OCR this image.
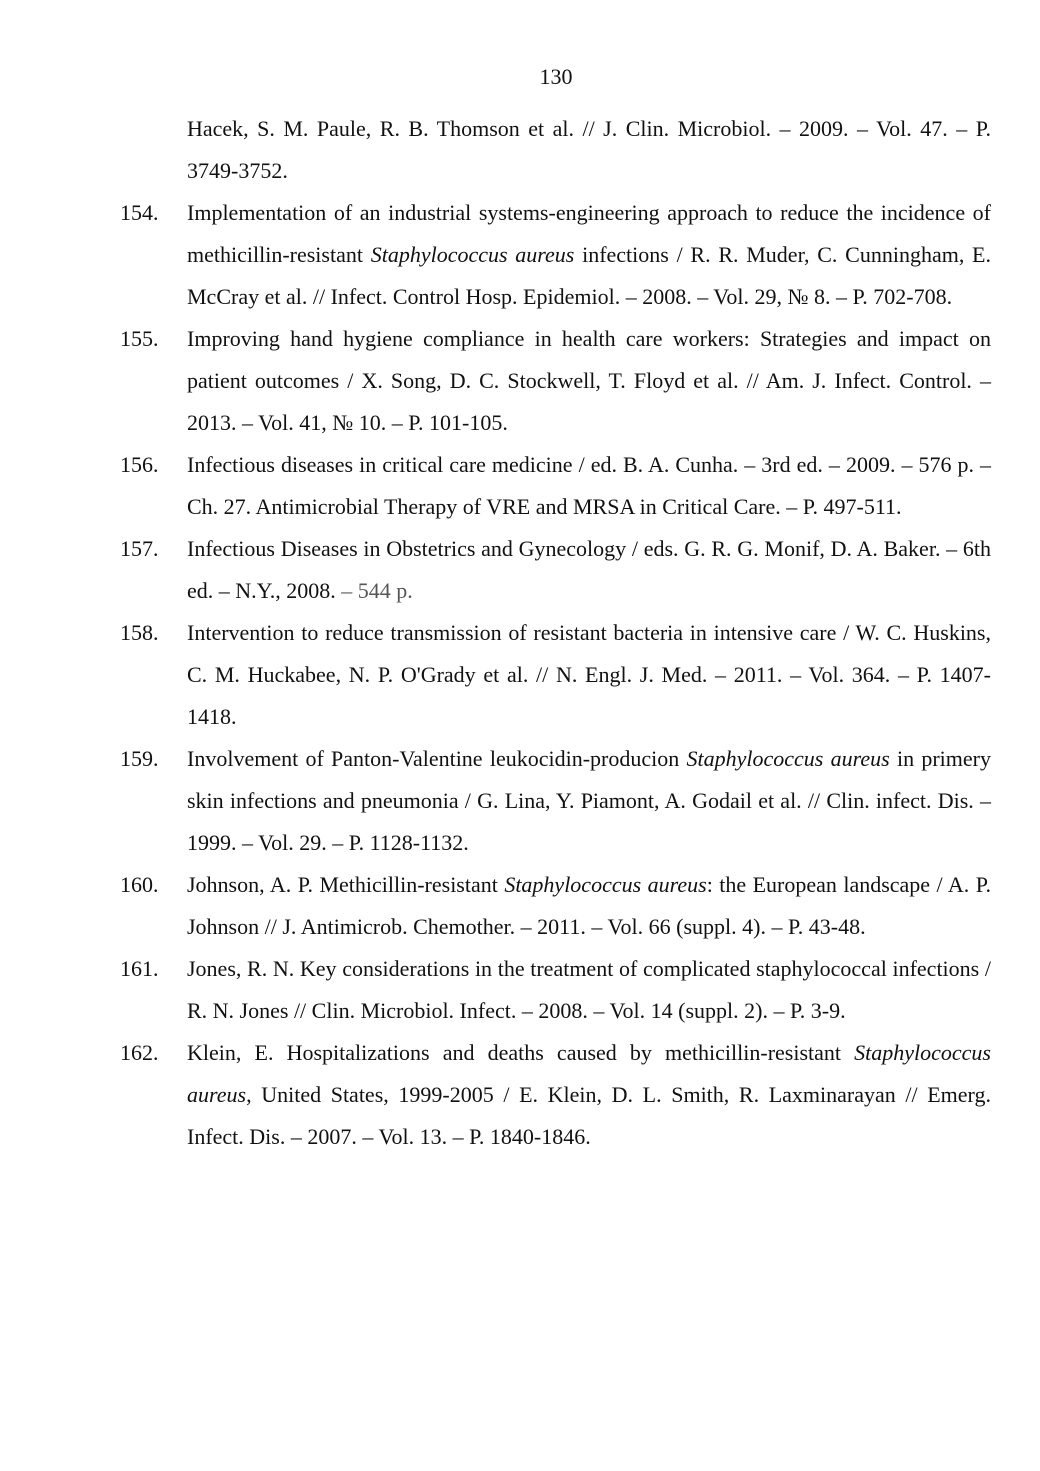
130
Hacek, S. M. Paule, R. B. Thomson et al. // J. Clin. Microbiol. – 2009. – Vol. 47. – P. 3749-3752.
154. Implementation of an industrial systems-engineering approach to reduce the incidence of methicillin-resistant Staphylococcus aureus infections / R. R. Muder, C. Cunningham, E. McCray et al. // Infect. Control Hosp. Epidemiol. – 2008. – Vol. 29, № 8. – P. 702-708.
155. Improving hand hygiene compliance in health care workers: Strategies and impact on patient outcomes / X. Song, D. C. Stockwell, T. Floyd et al. // Am. J. Infect. Control. – 2013. – Vol. 41, № 10. – P. 101-105.
156. Infectious diseases in critical care medicine / ed. B. A. Cunha. – 3rd ed. – 2009. – 576 p. – Ch. 27. Antimicrobial Therapy of VRE and MRSA in Critical Care. – P. 497-511.
157. Infectious Diseases in Obstetrics and Gynecology / eds. G. R. G. Monif, D. A. Baker. – 6th ed. – N.Y., 2008. – 544 p.
158. Intervention to reduce transmission of resistant bacteria in intensive care / W. C. Huskins, C. M. Huckabee, N. P. O'Grady et al. // N. Engl. J. Med. – 2011. – Vol. 364. – P. 1407-1418.
159. Involvement of Panton-Valentine leukocidin-producion Staphylococcus aureus in primery skin infections and pneumonia / G. Lina, Y. Piamont, A. Godail et al. // Clin. infect. Dis. – 1999. – Vol. 29. – P. 1128-1132.
160. Johnson, A. P. Methicillin-resistant Staphylococcus aureus: the European landscape / A. P. Johnson // J. Antimicrob. Chemother. – 2011. – Vol. 66 (suppl. 4). – P. 43-48.
161. Jones, R. N. Key considerations in the treatment of complicated staphylococcal infections / R. N. Jones // Clin. Microbiol. Infect. – 2008. – Vol. 14 (suppl. 2). – P. 3-9.
162. Klein, E. Hospitalizations and deaths caused by methicillin-resistant Staphylococcus aureus, United States, 1999-2005 / E. Klein, D. L. Smith, R. Laxminarayan // Emerg. Infect. Dis. – 2007. – Vol. 13. – P. 1840-1846.
